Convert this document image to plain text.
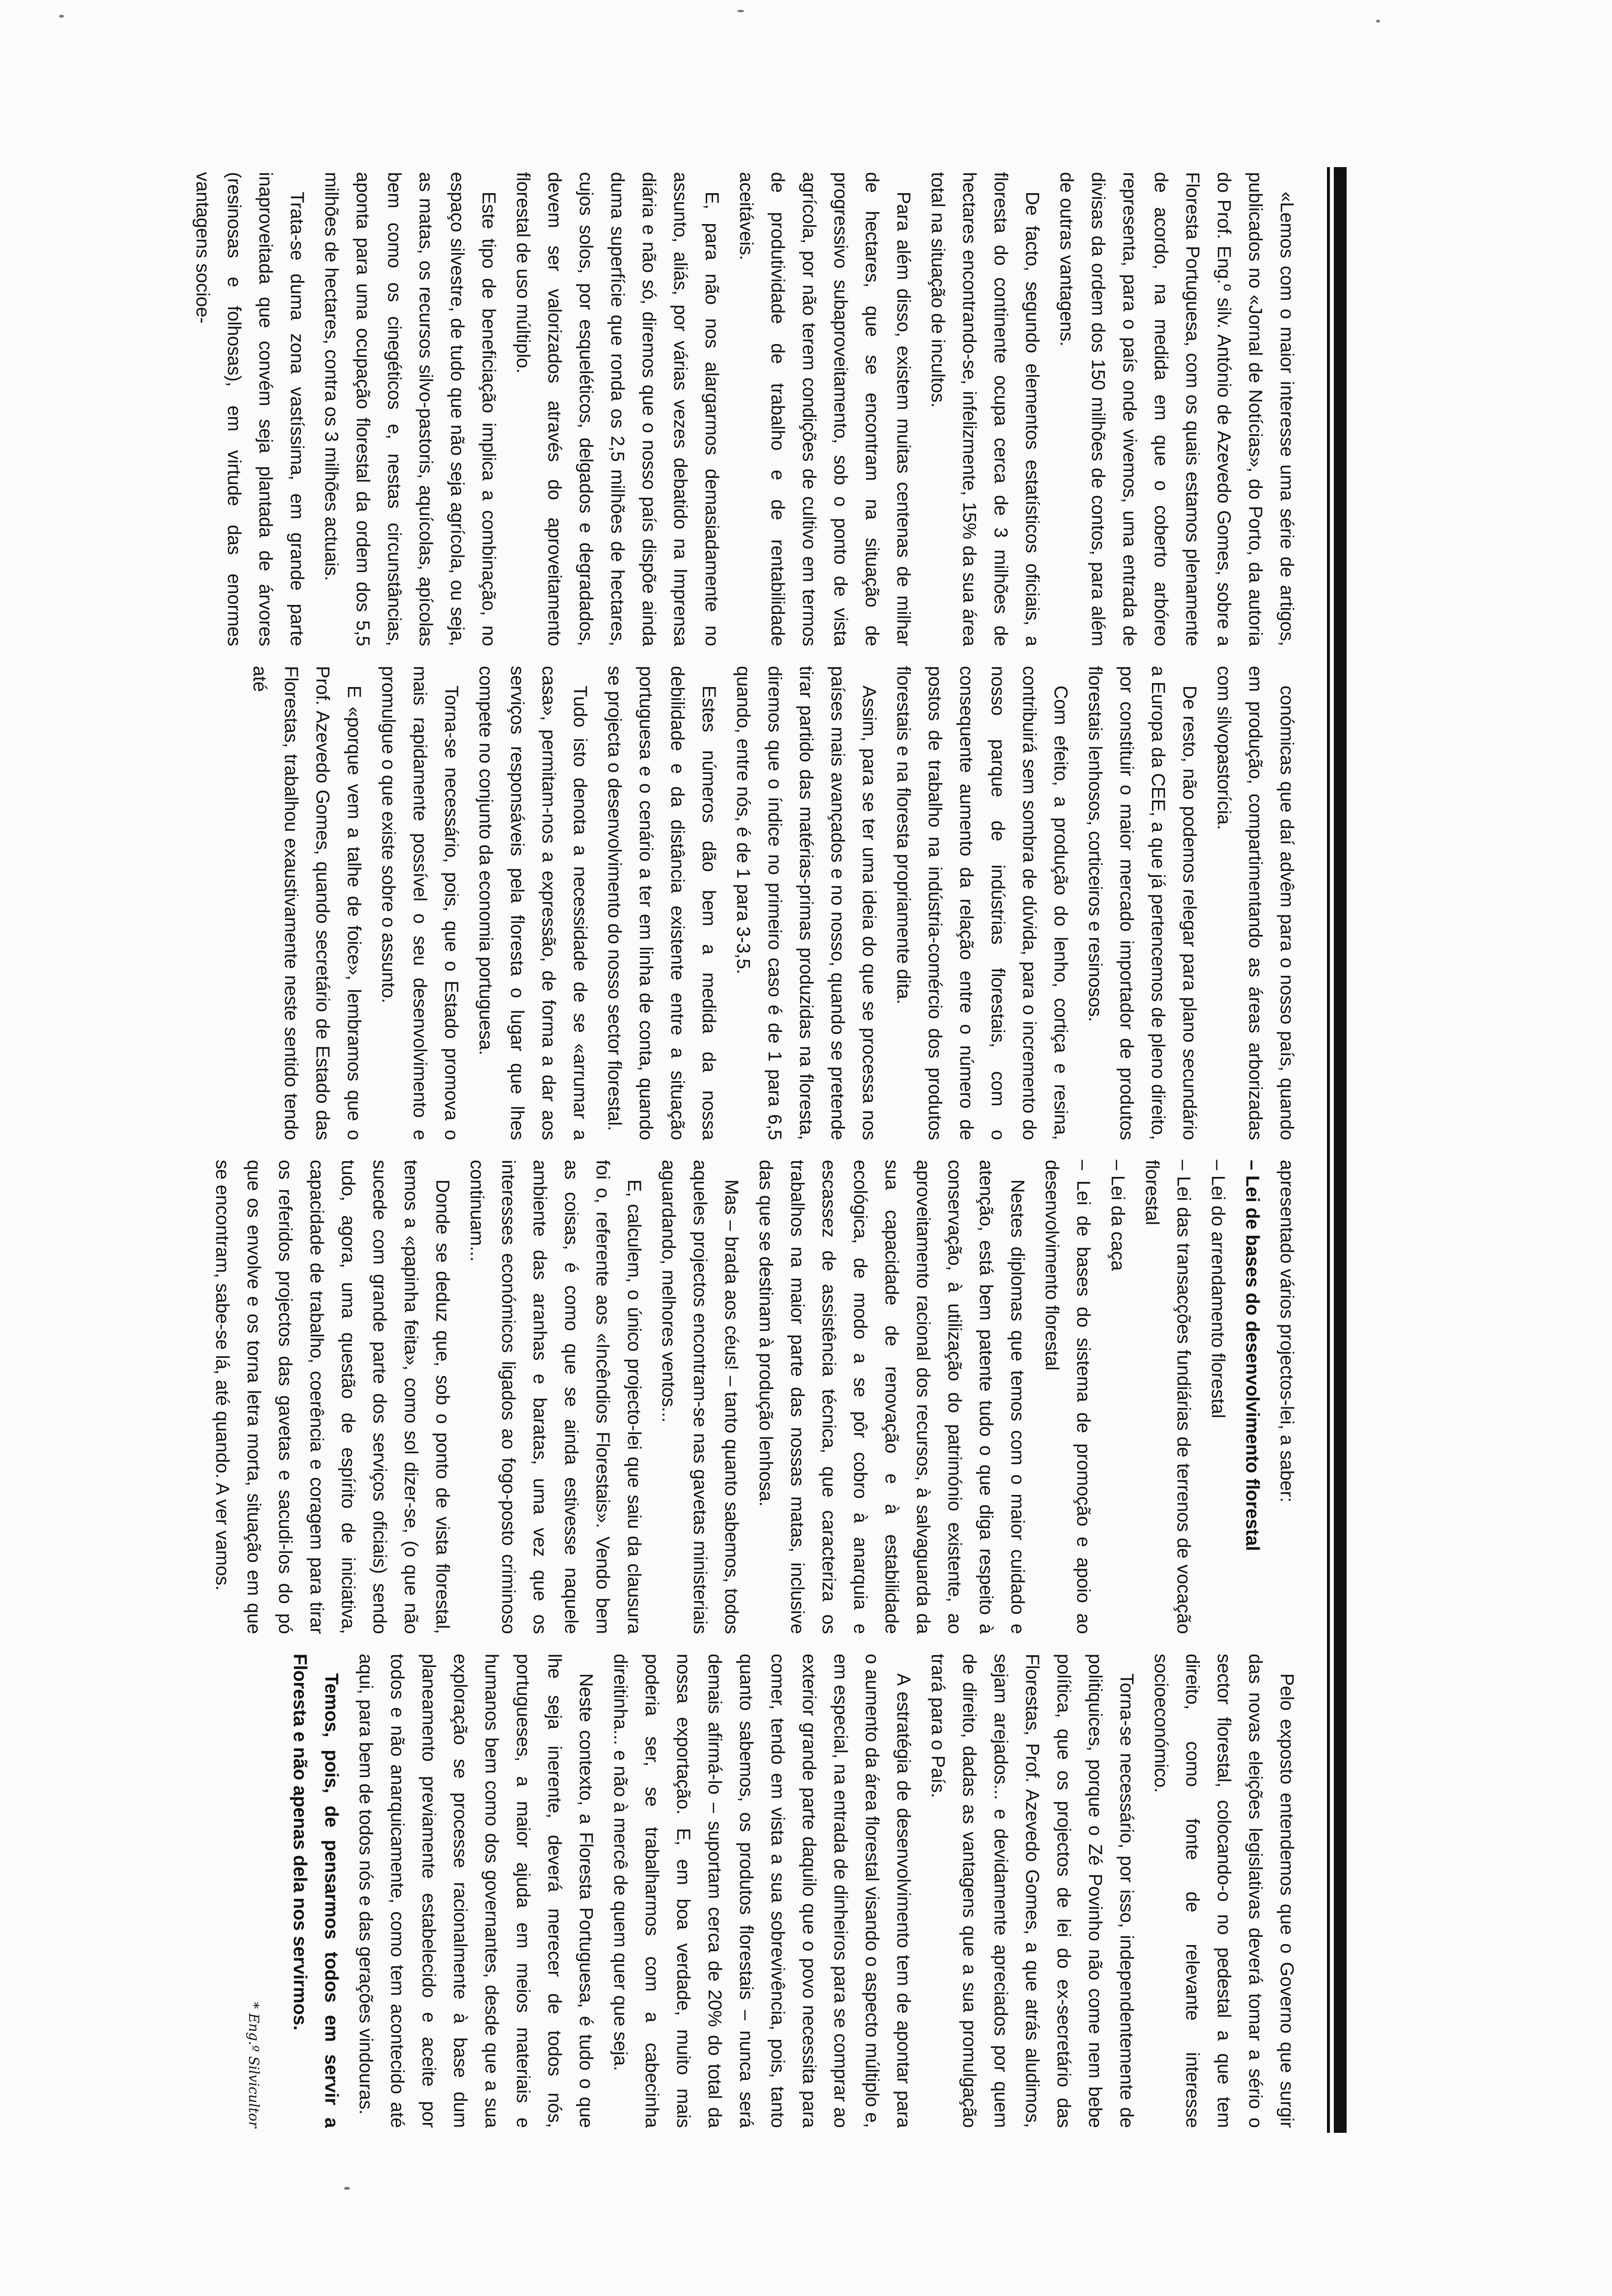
«Lemos com o maior interesse uma série de artigos, publicados no «Jornal de Notícias», do Porto, da autoria do Prof. Eng.º silv. António de Azevedo Gomes, sobre a Floresta Portuguesa, com os quais estamos plenamente de acordo, na medida em que o coberto arbóreo representa, para o país onde vivemos, uma entrada de divisas da ordem dos 150 milhões de contos, para além de outras vantagens.

De facto, segundo elementos estatísticos oficiais, a floresta do continente ocupa cerca de 3 milhões de hectares encontrando-se, infelizmente, 15% da sua área total na situação de incultos.

Para além disso, existem muitas centenas de milhar de hectares, que se encontram na situação de progressivo subaproveitamento, sob o ponto de vista agrícola, por não terem condições de cultivo em termos de produtividade de trabalho e de rentabilidade aceitáveis.

E, para não nos alargarmos demasiadamente no assunto, aliás, por várias vezes debatido na Imprensa diária e não só, diremos que o nosso país dispõe ainda duma superfície que ronda os 2,5 milhões de hectares, cujos solos, por esqueléticos, delgados e degradados, devem ser valorizados através do aproveitamento florestal de uso múltiplo.

Este tipo de beneficiação implica a combinação, no espaço silvestre, de tudo que não seja agrícola, ou seja, as matas, os recursos silvo-pastoris, aquícolas, apícolas bem como os cinegéticos e, nestas circunstâncias, aponta para uma ocupação florestal da ordem dos 5,5 milhões de hectares, contra os 3 milhões actuais.

Trata-se duma zona vastíssima, em grande parte inaproveitada que convém seja plantada de árvores (resinosas e folhosas), em virtude das enormes vantagens socioe-

conómicas que daí advêm para o nosso país, quando em produção, compartimentando as áreas arborizadas com silvopastorícia.

De resto, não podemos relegar para plano secundário a Europa da CEE, a que já pertencemos de pleno direito, por constituir o maior mercado importador de produtos florestais lenhosos, corticeiros e resinosos.

Com efeito, a produção do lenho, cortiça e resina, contribuirá sem sombra de dúvida, para o incremento do nosso parque de indústrias florestais, com o consequente aumento da relação entre o número de postos de trabalho na indústria-comércio dos produtos florestais e na floresta propriamente dita.

Assim, para se ter uma ideia do que se processa nos países mais avançados e no nosso, quando se pretende tirar partido das matérias-primas produzidas na floresta, diremos que o índice no primeiro caso é de 1 para 6,5 quando, entre nós, é de 1 para 3-3,5.

Estes números dão bem a medida da nossa debilidade e da distância existente entre a situação portuguesa e o cenário a ter em linha de conta, quando se projecta o desenvolvimento do nosso sector florestal.

Tudo isto denota a necessidade de se «arrumar a casa», permitam-nos a expressão, de forma a dar aos serviços responsáveis pela floresta o lugar que lhes compete no conjunto da economia portuguesa.

Torna-se necessário, pois, que o Estado promova o mais rapidamente possível o seu desenvolvimento e promulgue o que existe sobre o assunto.

E «porque vem a talhe de foice», lembramos que o Prof. Azevedo Gomes, quando secretário de Estado das Florestas, trabalhou exaustivamente neste sentido tendo até

apresentado vários projectos-lei, a saber:

– Lei de bases do desenvolvimento florestal

– Lei do arrendamento florestal

– Lei das transacções fundiárias de terrenos de vocação florestal

– Lei da caça

– Lei de bases do sistema de promoção e apoio ao desenvolvimento florestal

Nestes diplomas que temos com o maior cuidado e atenção, está bem patente tudo o que diga respeito à conservação, à utilização do património existente, ao aproveitamento racional dos recursos, à salvaguarda da sua capacidade de renovação e à estabilidade ecológica, de modo a se pôr cobro à anarquia e escassez de assistência técnica, que caracteriza os trabalhos na maior parte das nossas matas, inclusive das que se destinam à produção lenhosa.

Mas – brada aos céus! – tanto quanto sabemos, todos aqueles projectos encontram-se nas gavetas ministeriais aguardando, melhores ventos...

E, calculem, o único projecto-lei que saiu da clausura foi o, referente aos «Incêndios Florestais». Vendo bem as coisas, é como que se ainda estivesse naquele ambiente das aranhas e baratas, uma vez que os interesses económicos ligados ao fogo-posto criminoso continuam...

Donde se deduz que, sob o ponto de vista florestal, temos a «papinha feita», como sol dizer-se, (o que não sucede com grande parte dos serviços oficiais) sendo tudo, agora, uma questão de espírito de iniciativa, capacidade de trabalho, coerência e coragem para tirar os referidos projectos das gavetas e sacudi-los do pó que os envolve e os torna letra morta, situação em que se encontram, sabe-se lá, até quando. A ver vamos.

Pelo exposto entendemos que o Governo que surgir das novas eleições legislativas deverá tomar a sério o sector florestal, colocando-o no pedestal a que tem direito, como fonte de relevante interesse socioeconómico.

Torna-se necessário, por isso, independentemente de politiquices, porque o Zé Povinho não come nem bebe política, que os projectos de lei do ex-secretário das Florestas, Prof. Azevedo Gomes, a que atrás aludimos, sejam arejados... e devidamente apreciados por quem de direito, dadas as vantagens que a sua promulgação trará para o País.

A estratégia de desenvolvimento tem de apontar para o aumento da área florestal visando o aspecto múltiplo e, em especial, na entrada de dinheiros para se comprar ao exterior grande parte daquilo que o povo necessita para comer, tendo em vista a sua sobrevivência, pois, tanto quanto sabemos, os produtos florestais – nunca será demais afirmá-lo – suportam cerca de 20% do total da nossa exportação. E, em boa verdade, muito mais poderia ser, se trabalharmos com a cabecinha direitinha... e não à mercê de quem quer que seja.

Neste contexto, a Floresta Portuguesa, é tudo o que lhe seja inerente, deverá merecer de todos nós, portugueses, a maior ajuda em meios materiais e humanos bem como dos governantes, desde que a sua exploração se processe racionalmente à base dum planeamento previamente estabelecido e aceite por todos e não anarquicamente, como tem acontecido até aqui, para bem de todos nós e das gerações vindouras.

Temos, pois, de pensarmos todos em servir a Floresta e não apenas dela nos servirmos.

* Eng.º Silvicultor
